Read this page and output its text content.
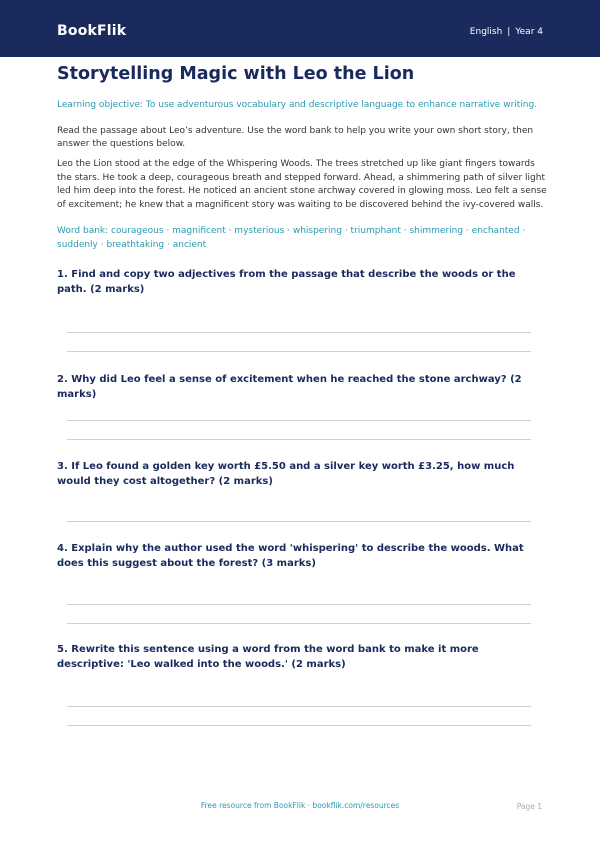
BookFlik	English | Year 4
Storytelling Magic with Leo the Lion
Learning objective: To use adventurous vocabulary and descriptive language to enhance narrative writing.
Read the passage about Leo’s adventure. Use the word bank to help you write your own short story, then answer the questions below.
Leo the Lion stood at the edge of the Whispering Woods. The trees stretched up like giant fingers towards the stars. He took a deep, courageous breath and stepped forward. Ahead, a shimmering path of silver light led him deep into the forest. He noticed an ancient stone archway covered in glowing moss. Leo felt a sense of excitement; he knew that a magnificent story was waiting to be discovered behind the ivy-covered walls.
Word bank: courageous · magnificent · mysterious · whispering · triumphant · shimmering · enchanted · suddenly · breathtaking · ancient

1. Find and copy two adjectives from the passage that describe the woods or the path. (2 marks)

2. Why did Leo feel a sense of excitement when he reached the stone archway? (2 marks)

3. If Leo found a golden key worth £5.50 and a silver key worth £3.25, how much would they cost altogether? (2 marks)

4. Explain why the author used the word 'whispering' to describe the woods. What does this suggest about the forest? (3 marks)

5. Rewrite this sentence using a word from the word bank to make it more descriptive: 'Leo walked into the woods.' (2 marks)

Free resource from BookFlik · bookflik.com/resources	Page 1
